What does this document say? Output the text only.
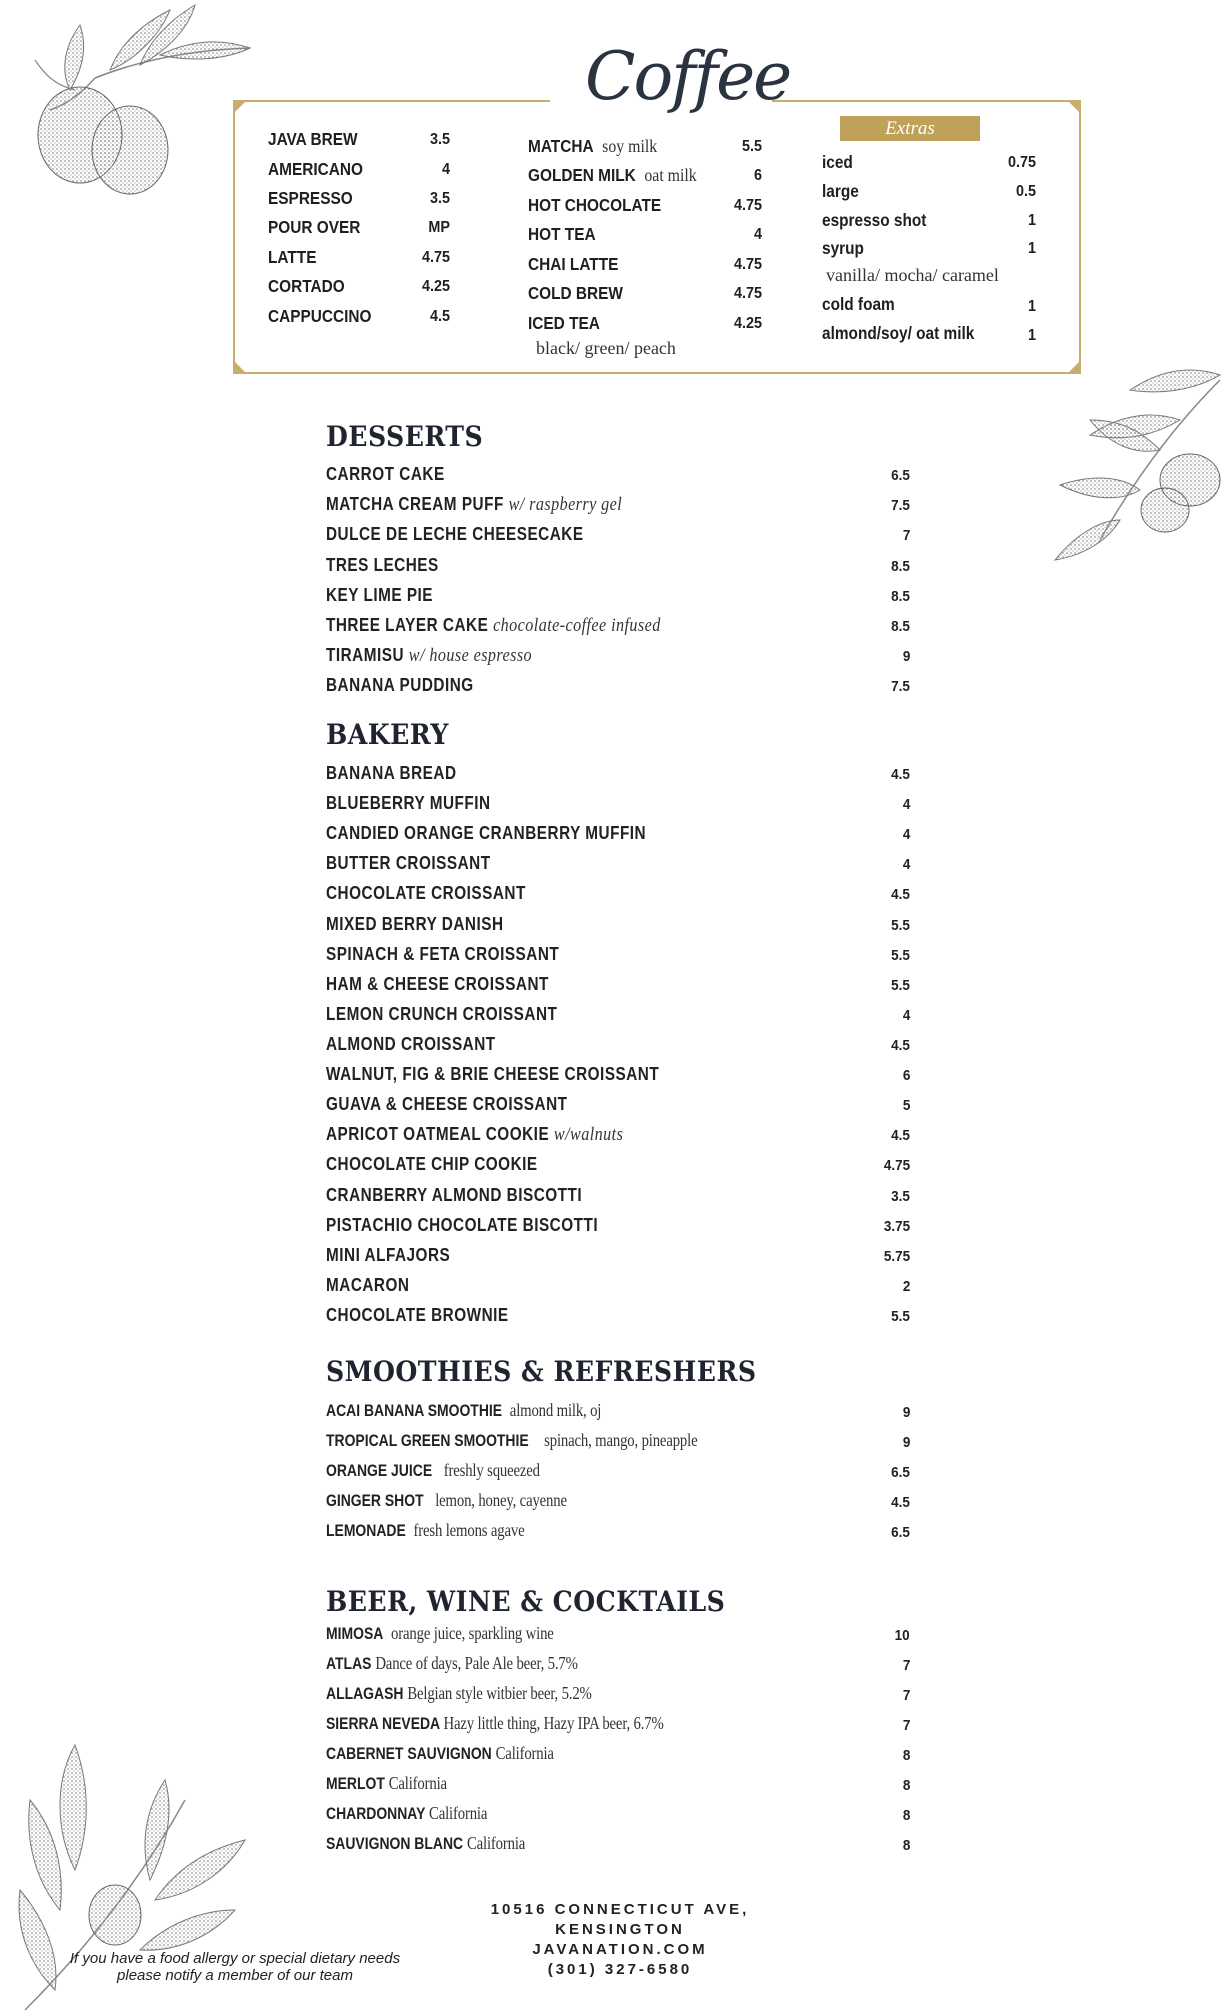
Coffee
JAVA BREW	3.5
AMERICANO	4
ESPRESSO	3.5
POUR OVER	MP
LATTE	4.75
CORTADO	4.25
CAPPUCCINO	4.5
MATCHA soy milk	5.5
GOLDEN MILK oat milk	6
HOT CHOCOLATE	4.75
HOT TEA	4
CHAI LATTE	4.75
COLD BREW	4.75
ICED TEA	4.25
black/ green/ peach
Extras
iced	0.75
large	0.5
espresso shot	1
syrup	1
vanilla/ mocha/ caramel
cold foam	1
almond/soy/ oat milk	1
DESSERTS
CARROT CAKE	6.5
MATCHA CREAM PUFF w/ raspberry gel	7.5
DULCE DE LECHE CHEESECAKE	7
TRES LECHES	8.5
KEY LIME PIE	8.5
THREE LAYER CAKE chocolate-coffee infused	8.5
TIRAMISU w/ house espresso	9
BANANA PUDDING	7.5
BAKERY
BANANA BREAD	4.5
BLUEBERRY MUFFIN	4
CANDIED ORANGE CRANBERRY MUFFIN	4
BUTTER CROISSANT	4
CHOCOLATE CROISSANT	4.5
MIXED BERRY DANISH	5.5
SPINACH & FETA CROISSANT	5.5
HAM & CHEESE CROISSANT	5.5
LEMON CRUNCH CROISSANT	4
ALMOND CROISSANT	4.5
WALNUT, FIG & BRIE CHEESE CROISSANT	6
GUAVA & CHEESE CROISSANT	5
APRICOT OATMEAL COOKIE w/walnuts	4.5
CHOCOLATE CHIP COOKIE	4.75
CRANBERRY ALMOND BISCOTTI	3.5
PISTACHIO CHOCOLATE BISCOTTI	3.75
MINI ALFAJORS	5.75
MACARON	2
CHOCOLATE BROWNIE	5.5
SMOOTHIES & REFRESHERS
ACAI BANANA SMOOTHIE almond milk, oj	9
TROPICAL GREEN SMOOTHIE spinach, mango, pineapple	9
ORANGE JUICE freshly squeezed	6.5
GINGER SHOT lemon, honey, cayenne	4.5
LEMONADE fresh lemons agave	6.5
BEER, WINE & COCKTAILS
MIMOSA orange juice, sparkling wine	10
ATLAS Dance of days, Pale Ale beer, 5.7%	7
ALLAGASH Belgian style witbier beer, 5.2%	7
SIERRA NEVEDA Hazy little thing, Hazy IPA beer, 6.7%	7
CABERNET SAUVIGNON California	8
MERLOT California	8
CHARDONNAY California	8
SAUVIGNON BLANC California	8
10516 CONNECTICUT AVE,
KENSINGTON
JAVANATION.COM
(301) 327-6580
If you have a food allergy or special dietary needs
please notify a member of our team
